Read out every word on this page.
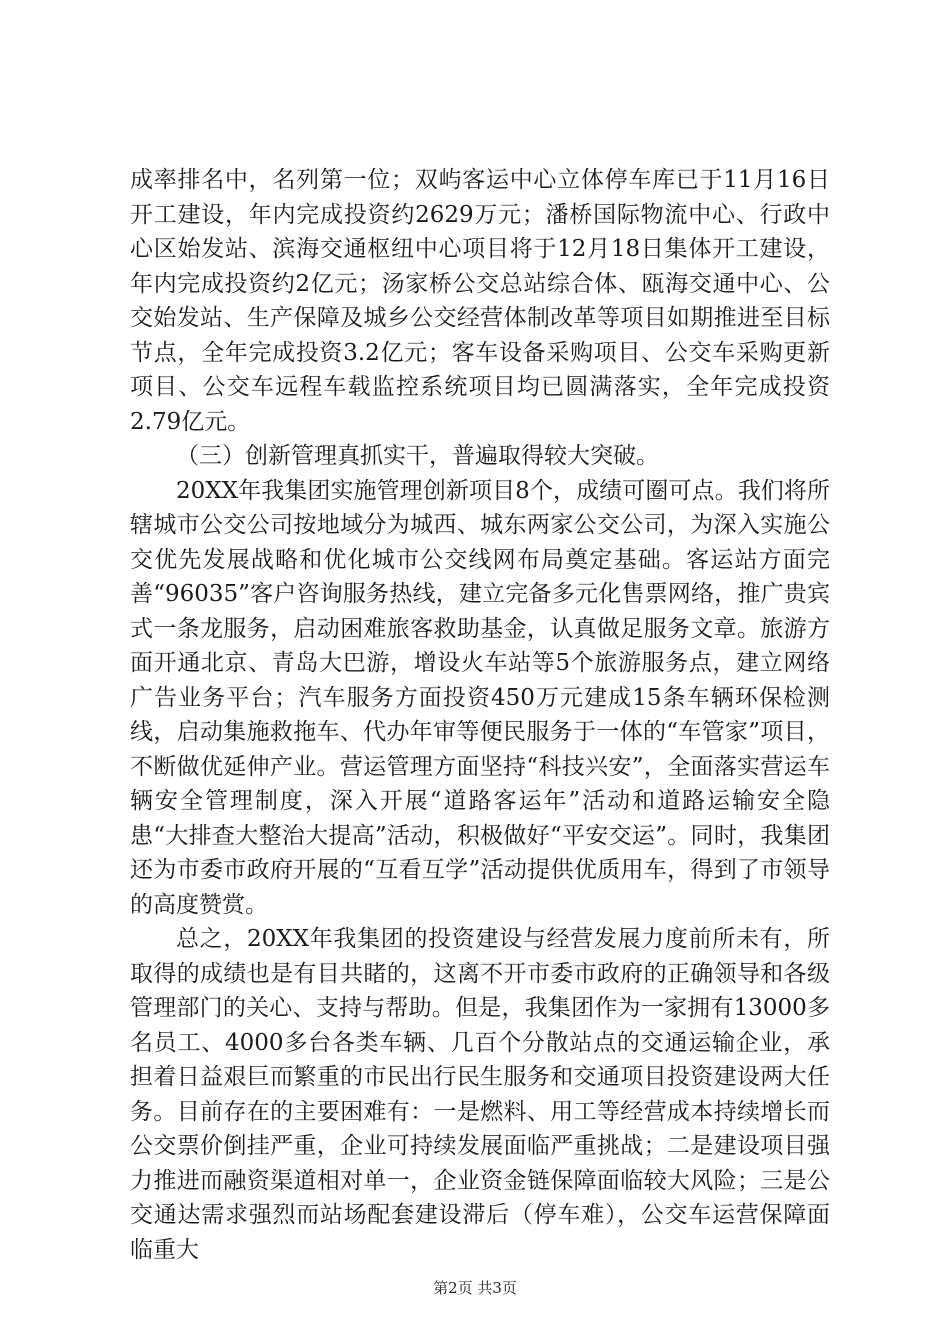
成率排名中，名列第一位；双屿客运中心立体停车库已于11月16日开工建设，年内完成投资约2629万元；潘桥国际物流中心、行政中心区始发站、滨海交通枢纽中心项目将于12月18日集体开工建设，年内完成投资约2亿元；汤家桥公交总站综合体、瓯海交通中心、公交始发站、生产保障及城乡公交经营体制改革等项目如期推进至目标节点，全年完成投资3.2亿元；客车设备采购项目、公交车采购更新项目、公交车远程车载监控系统项目均已圆满落实，全年完成投资2.79亿元。

（三）创新管理真抓实干，普遍取得较大突破。

20XX年我集团实施管理创新项目8个，成绩可圈可点。我们将所辖城市公交公司按地域分为城西、城东两家公交公司，为深入实施公交优先发展战略和优化城市公交线网布局奠定基础。客运站方面完善“96035”客户咨询服务热线，建立完备多元化售票网络，推广贵宾式一条龙服务，启动困难旅客救助基金，认真做足服务文章。旅游方面开通北京、青岛大巴游，增设火车站等5个旅游服务点，建立网络广告业务平台；汽车服务方面投资450万元建成15条车辆环保检测线，启动集施救拖车、代办年审等便民服务于一体的“车管家”项目，不断做优延伸产业。营运管理方面坚持“科技兴安”，全面落实营运车辆安全管理制度，深入开展“道路客运年”活动和道路运输安全隐患“大排查大整治大提高”活动，积极做好“平安交运”。同时，我集团还为市委市政府开展的“互看互学”活动提供优质用车，得到了市领导的高度赞赏。

总之，20XX年我集团的投资建设与经营发展力度前所未有，所取得的成绩也是有目共睹的，这离不开市委市政府的正确领导和各级管理部门的关心、支持与帮助。但是，我集团作为一家拥有13000多名员工、4000多台各类车辆、几百个分散站点的交通运输企业，承担着日益艰巨而繁重的市民出行民生服务和交通项目投资建设两大任务。目前存在的主要困难有：一是燃料、用工等经营成本持续增长而公交票价倒挂严重，企业可持续发展面临严重挑战；二是建设项目强力推进而融资渠道相对单一，企业资金链保障面临较大风险；三是公交通达需求强烈而站场配套建设滞后（停车难），公交车运营保障面临重大

第2页 共3页
